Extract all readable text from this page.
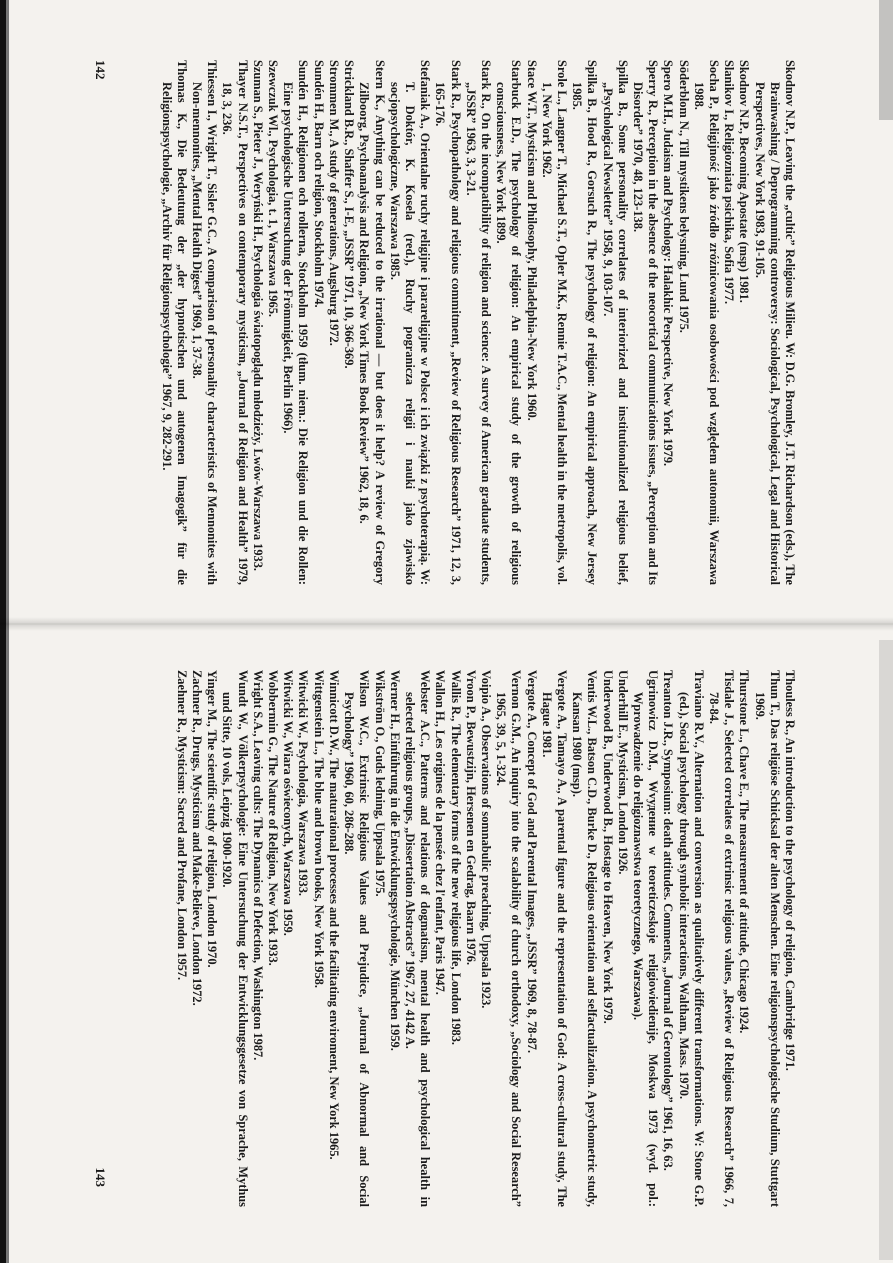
Skodnov N.P., Leaving the „cultic” Religious Milieu. W: D.G. Bromley, J.T. Richardson (eds.), The Brainwashing / Deprogramming controversy: Sociological, Psychological, Legal and Historical Perspectives, New York 1983, 91-105.
Skodnov N.P., Becoming Apostate (msp) 1981.
Slanikov I., Religiozniata psichika, Sofia 1977.
Socha P., Religijność jako źródło zróżnicowania osobowości pod względem autonomii, Warszawa 1988.
Söderblom N., Till mystikens belysning, Lund 1975.
Spero M.H., Judaism and Psychology: Halakhic Perspective, New York 1979.
Sperry R., Perception in the absence of the neocortical communications issues, „Perception and Its Disorder” 1970, 48, 123-138.
Spilka B., Some personality correlates of interiorized and institutionalized religious belief, „Psychological Newsletter” 1958, 9, 103-107.
Spilka B., Hood R., Gorsuch R., The psychology of religion: An empirical approach, New Jersey 1985.
Srole L., Langner T., Michael S.T., Opler M.K., Rennie T.A.C., Mental health in the metropolis, vol. 1, New York 1962.
Stace W.T., Mysticism and Philosophy, Philadelphia-New York 1960.
Starbuck E.D., The psychology of religion: An empirical study of the growth of religious consciousness, New York 1899.
Stark R., On the incompatibility of religion and science: A survey of American graduate students, „JSSR” 1963, 3, 3-21.
Stark R., Psychopathology and religious commitment, „Review of Religious Research” 1971, 12, 3, 165-176.
Stefaniak A., Orientalne ruchy religijne i parareligijne w Polsce i ich związki z psychoterapią. W: T. Doktór, K. Kosela (red.), Ruchy pogranicza religii i nauki jako zjawisko socjopsychologiczne, Warszawa 1985.
Stern K., Anything can be reduced to the irrational — but does it help? A review of Gregory Zilboorg, Psychoanalysis and Religion, „New York Times Book Review” 1962, 18, 6.
Strickland B.R., Shaffer S., I-E, „JSSR” 1971, 10, 366-369.
Strommen M., A study of generations, Augsburg 1972.
Sundén H., Barn och religion, Stockholm 1974.
Sundén H., Religionen och rollerna, Stockholm 1959 (tłum. niem.: Die Religion und die Rollen: Eine psychologische Untersuchung der Frömmigkeit, Berlin 1966).
Szewczuk Wl., Psychologia, t. 1, Warszawa 1965.
Szuman S., Pieter J., Weryński H., Psychologia światopoglądu młodzieży, Lwów-Warszawa 1933.
Thayer N.S.T., Perspectives on contemporary mysticism, „Journal of Religion and Health” 1979, 18, 3, 236.
Thiessen I., Wright T., Sisler G.C., A comparison of personality characteristics of Mennonites with Non-mennonites, „Mental Health Digest” 1969, 1, 37-38.
Thomas K., Die Bedeutung der „der hypnotischen und autogenen Imagogik” für die Religionspsychologie, „Archiv für Religionspsychologie” 1967, 9, 282-291.
142
Thouless R., An introduction to the psychology of religion, Cambridge 1971.
Thun T., Das religiöse Schicksal der alten Menschen. Eine religionspsychologische Studium, Stuttgart 1969.
Thurstone L., Chave E., The measurement of attitude, Chicago 1924.
Tisdale J., Selected correlates of extrinsic religious values, „Review of Religious Research” 1966, 7, 78-84.
Traviano R.V., Alternation and conversion as qualitatively different transformations. W: Stone G.P. (ed.), Social psychology through symbolic interactions, Waltham, Mass. 1970.
Treanton J.R., Symposium: death attitudes. Comments, „Journal of Gerontology” 1961, 16, 63.
Ugrinowicz D.M., Wvудение w teoreticzeskoje religiowiedienije, Moskwa 1973 (wyd. pol.: Wprowadzenie do religioznawstwa teoretycznego, Warszawa).
Underhill E., Mysticism, London 1926.
Underwood B., Underwood B., Hostage to Heaven, New York 1979.
Ventis W.L., Batson C.D., Burke D., Religious orientation and selfactualization. A psychometric study, Kansan 1980 (msp).
Vergote A., Tamayo A., A parental figure and the representation of God: A cross-cultural study, The Hague 1981.
Vergote A., Concept of God and Parental Images, „JSSR” 1969, 8, 78-87.
Vernon G.M., An inquiry into the scalability of church orthodoxy, „Sociology and Social Research” 1965, 39, 5, 1-324.
Voipio A., Observations of somnabulic preaching, Uppsala 1923.
Vroon P., Bewustzijn, Hersenen en Gedrag, Baarn 1976.
Wallis R., The elementary forms of the new religious life, London 1983.
Wallon H., Les origines de la pensée chez l'enfant, Paris 1947.
Webster A.C., Patterns and relations of dogmatism, mental health and psychological health in selected religious groups, „Dissertation Abstracts” 1967, 27, 4142 A.
Werner H., Einführung in die Entwicklungspsychologie, München 1959.
Wikström O., Guds ledning, Uppsala 1975.
Wilson W.C., Extrinsic Religious Values and Prejudice, „Journal of Abnormal and Social Psychology” 1960, 60, 286-288.
Winnicott D.W., The maturational processes and the facilitating enviroment, New York 1965.
Wittgenstein L., The blue and brown books, New York 1958.
Witwicki W., Psychologia, Warszawa 1933.
Witwicki W., Wiara oświeconych, Warszawa 1959.
Wobbermin G., The Nature of Religion, New York 1933.
Wright S.A., Leaving cults: The Dynamics of Defection, Washington 1987.
Wundt W., Völkerpsychologie: Eine Untersuchung der Entwicklungsgesetze von Sprache, Mythus und Sitte, 10 vols, Leipzig 1900-1920.
Yinger M., The scientific study of religion, London 1970.
Zachner R., Drugs, Mysticism and Make-Believe, London 1972.
Zaehner R., Mysticism: Sacred and Profane, London 1957.
143
